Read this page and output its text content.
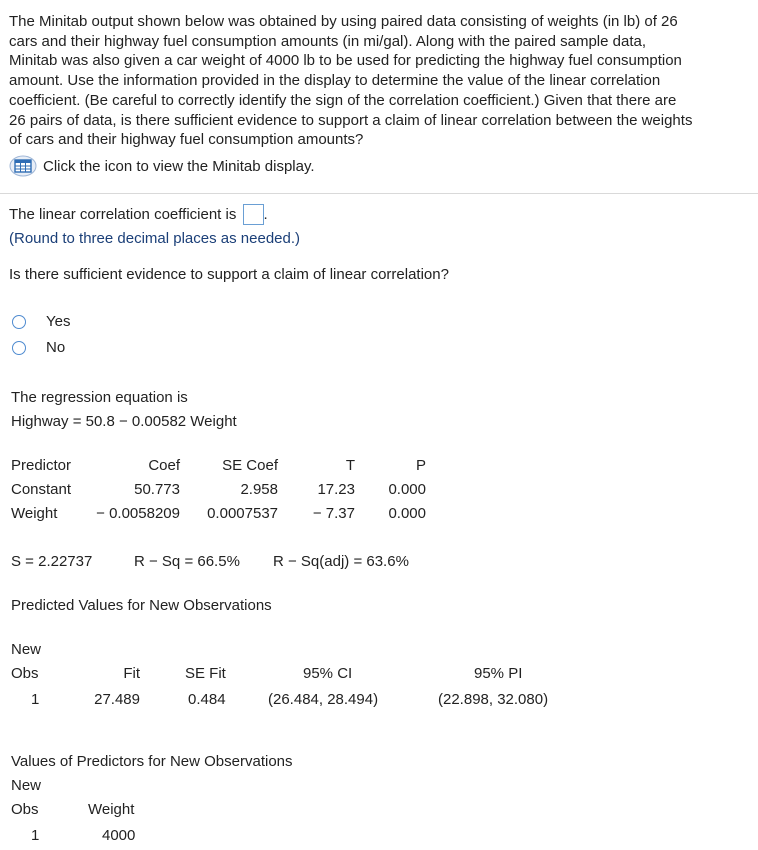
The Minitab output shown below was obtained by using paired data consisting of weights (in lb) of 26
cars and their highway fuel consumption amounts (in mi/gal). Along with the paired sample data,
Minitab was also given a car weight of 4000 lb to be used for predicting the highway fuel consumption
amount. Use the information provided in the display to determine the value of the linear correlation
coefficient. (Be careful to correctly identify the sign of the correlation coefficient.) Given that there are
26 pairs of data, is there sufficient evidence to support a claim of linear correlation between the weights
of cars and their highway fuel consumption amounts?
Click the icon to view the Minitab display.
The linear correlation coefficient is .
(Round to three decimal places as needed.)
Is there sufficient evidence to support a claim of linear correlation?
Yes
No
The regression equation is
Highway = 50.8 − 0.00582 Weight
Predictor	Coef	SE Coef	T	P
Constant	50.773	2.958	17.23	0.000
Weight	− 0.0058209	0.0007537	− 7.37	0.000
S = 2.22737	R − Sq = 66.5% R − Sq(adj) = 63.6%
Predicted Values for New Observations
New
Obs	Fit	SE Fit	95% CI	95% PI
1	27.489	0.484	(26.484, 28.494)	(22.898, 32.080)
Values of Predictors for New Observations
New
Obs	Weight
1	4000
